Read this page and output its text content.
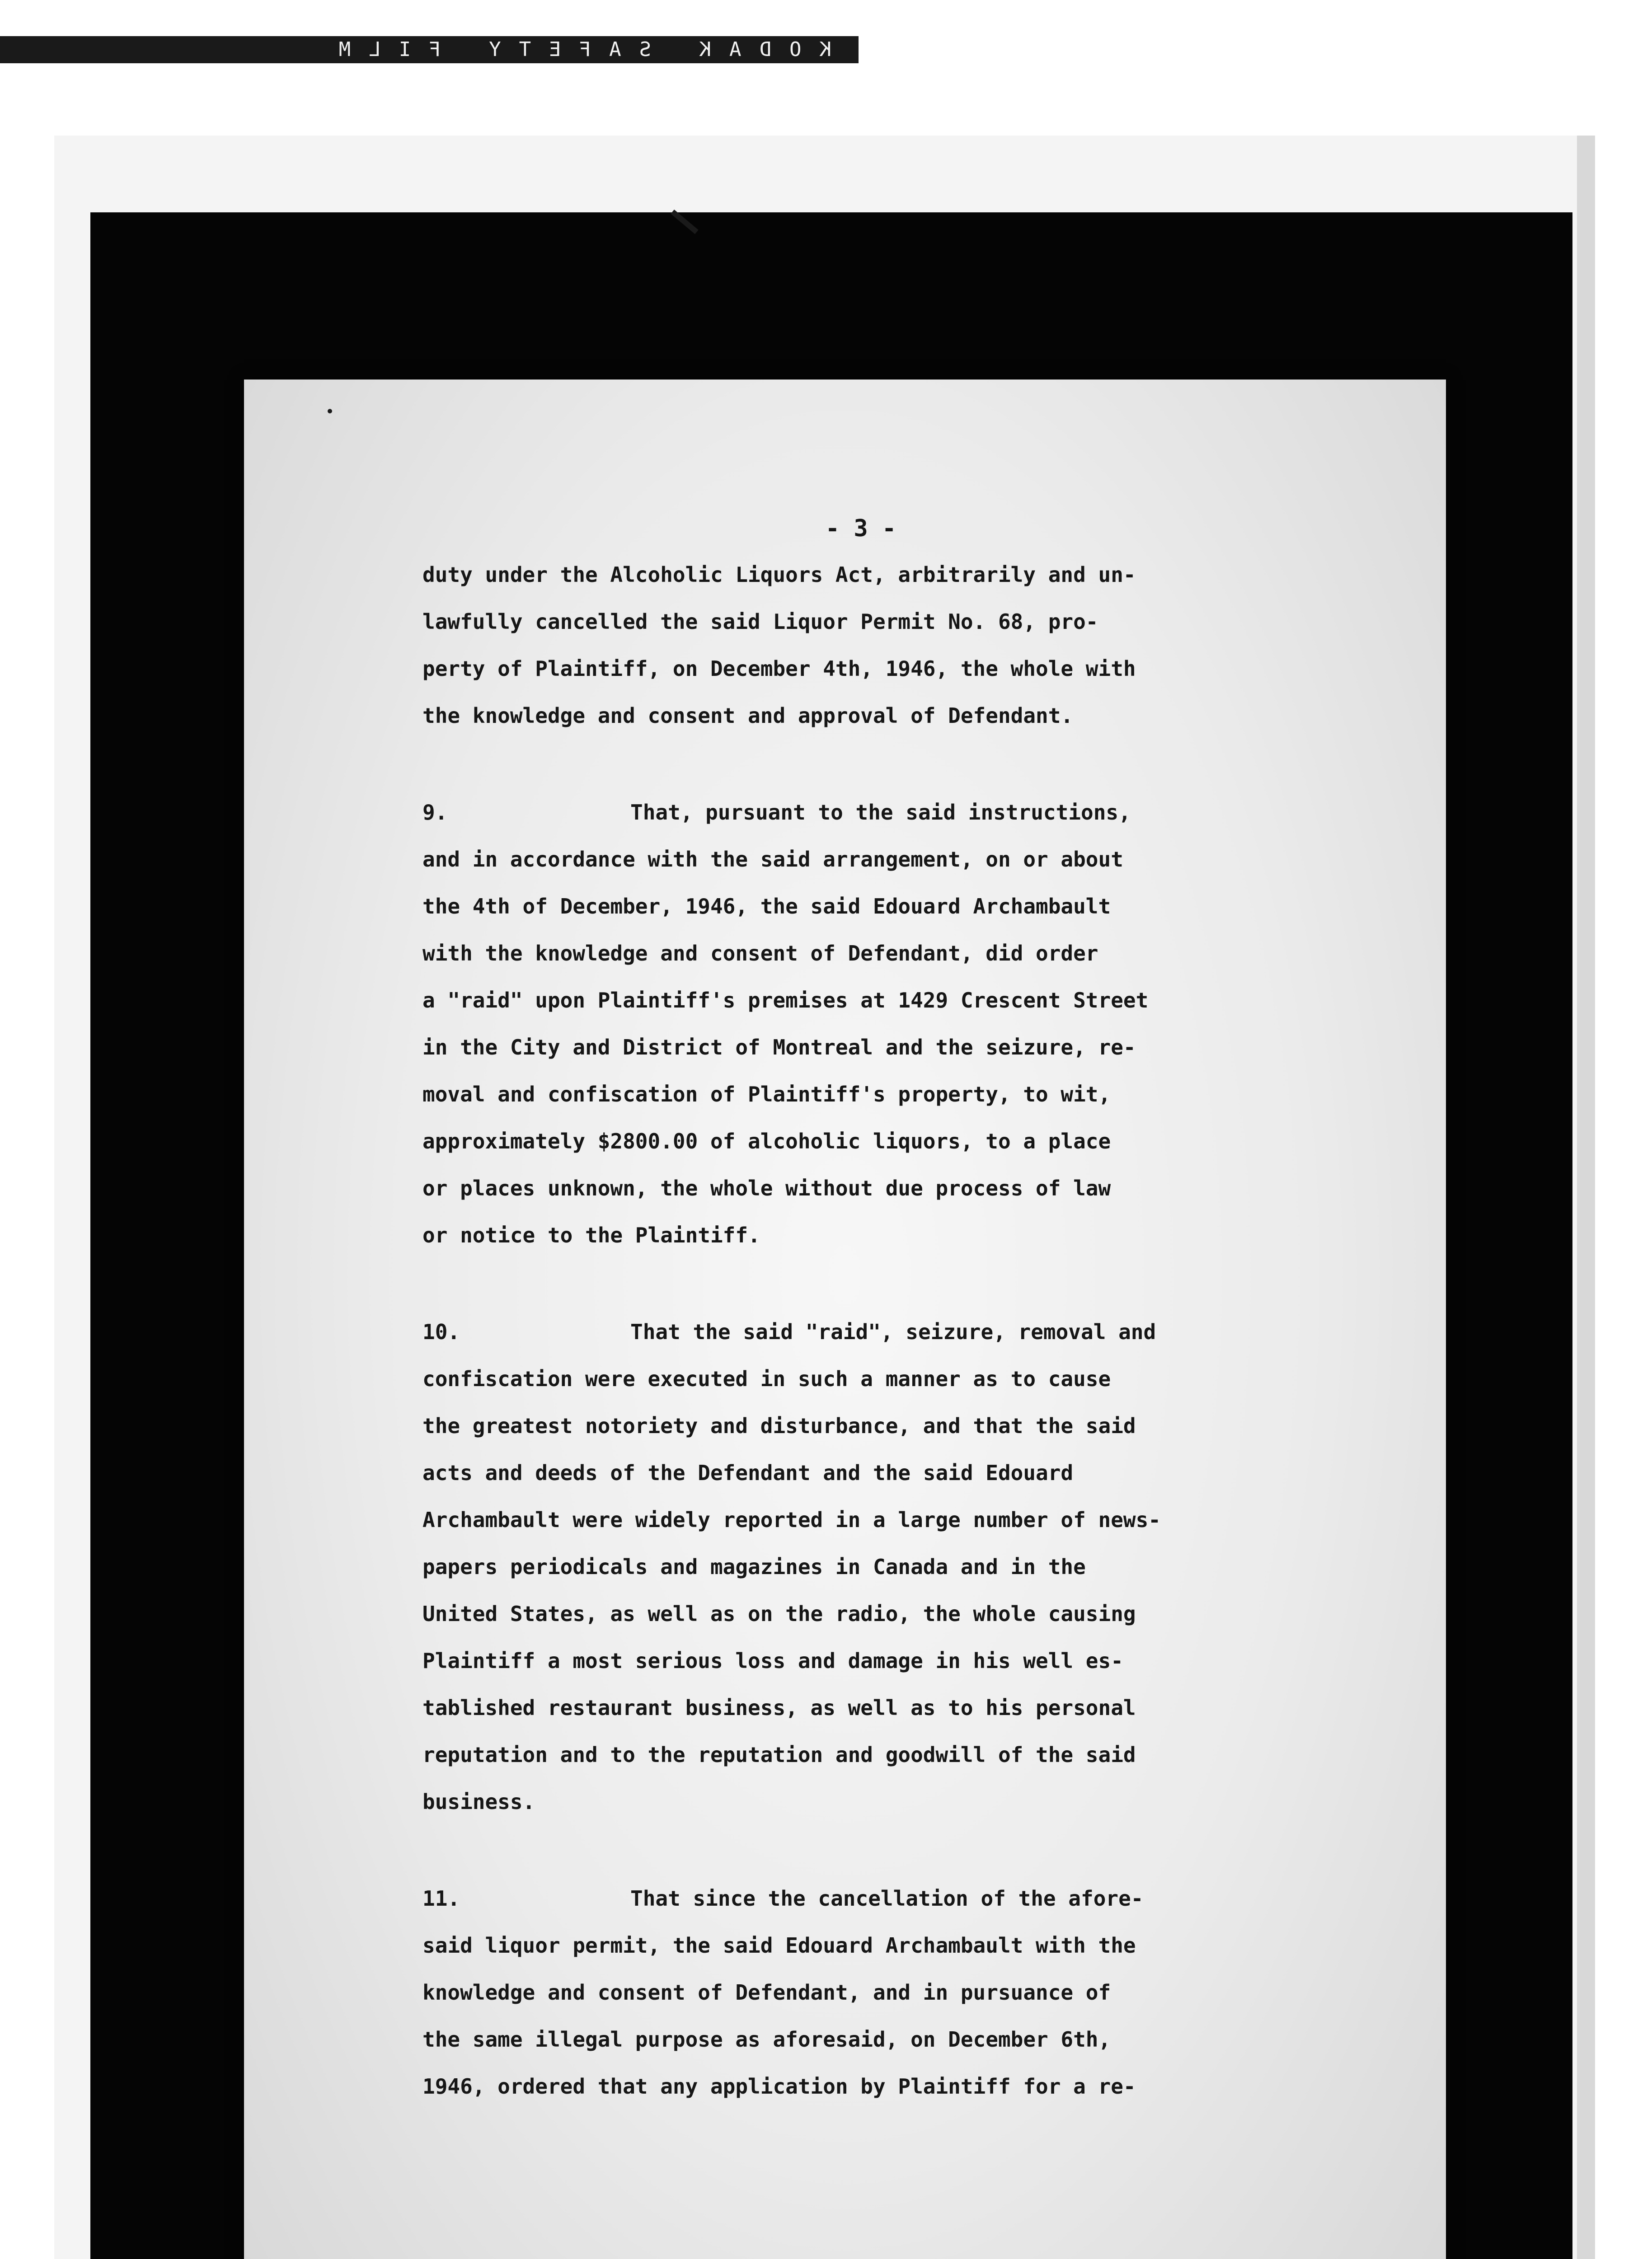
KODAK SAFETY FILM

- 3 -

duty under the Alcoholic Liquors Act, arbitrarily and un-

lawfully cancelled the said Liquor Permit No. 68, pro-

perty of Plaintiff, on December 4th, 1946, the whole with

the knowledge and consent and approval of Defendant.

9.	That, pursuant to the said instructions,

and in accordance with the said arrangement, on or about

the 4th of December, 1946, the said Edouard Archambault

with the knowledge and consent of Defendant, did order

a "raid" upon Plaintiff's premises at 1429 Crescent Street

in the City and District of Montreal and the seizure, re-

moval and confiscation of Plaintiff's property, to wit,

approximately $2800.00 of alcoholic liquors, to a place

or places unknown, the whole without due process of law

or notice to the Plaintiff.

10.	That the said "raid", seizure, removal and

confiscation were executed in such a manner as to cause

the greatest notoriety and disturbance, and that the said

acts and deeds of the Defendant and the said Edouard

Archambault were widely reported in a large number of news-

papers periodicals and magazines in Canada and in the

United States, as well as on the radio, the whole causing

Plaintiff a most serious loss and damage in his well es-

tablished restaurant business, as well as to his personal

reputation and to the reputation and goodwill of the said

business.

11.	That since the cancellation of the afore-

said liquor permit, the said Edouard Archambault with the

knowledge and consent of Defendant, and in pursuance of

the same illegal purpose as aforesaid, on December 6th,

1946, ordered that any application by Plaintiff for a re-
